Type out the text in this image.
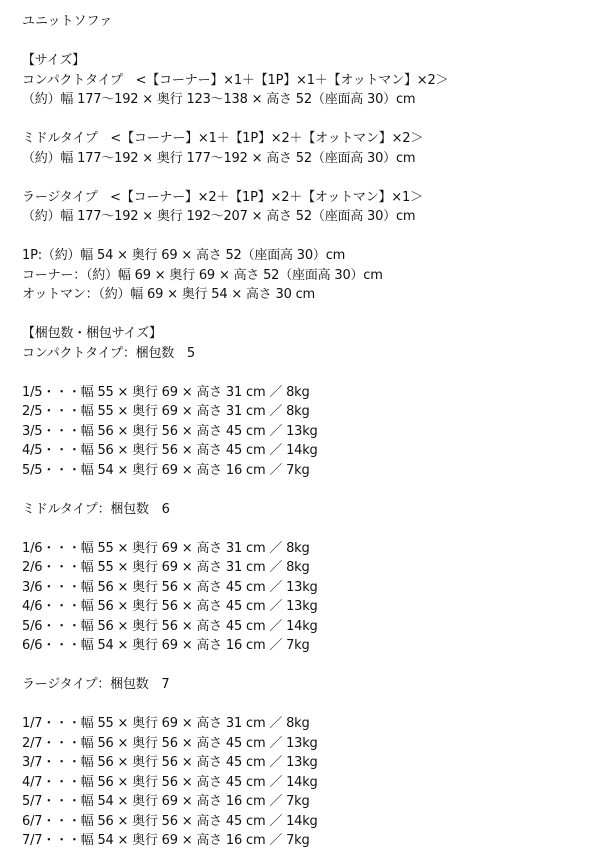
ユニットソファ
【サイズ】
コンパクトタイプ　<【コーナー】×1＋【1P】×1＋【オットマン】×2＞
（約）幅 177〜192 × 奥行 123〜138 × 高さ 52（座面高 30）cm
ミドルタイプ　<【コーナー】×1＋【1P】×2＋【オットマン】×2＞
（約）幅 177〜192 × 奥行 177〜192 × 高さ 52（座面高 30）cm
ラージタイプ　<【コーナー】×2＋【1P】×2＋【オットマン】×1＞
（約）幅 177〜192 × 奥行 192〜207 × 高さ 52（座面高 30）cm
1P:（約）幅 54 × 奥行 69 × 高さ 52（座面高 30）cm
コーナー：（約）幅 69 × 奥行 69 × 高さ 52（座面高 30）cm
オットマン：（約）幅 69 × 奥行 54 × 高さ 30 cm
【梱包数・梱包サイズ】
コンパクトタイプ：梱包数　5
1/5・・・幅 55 × 奥行 69 × 高さ 31 cm ／ 8kg
2/5・・・幅 55 × 奥行 69 × 高さ 31 cm ／ 8kg
3/5・・・幅 56 × 奥行 56 × 高さ 45 cm ／ 13kg
4/5・・・幅 56 × 奥行 56 × 高さ 45 cm ／ 14kg
5/5・・・幅 54 × 奥行 69 × 高さ 16 cm ／ 7kg
ミドルタイプ：梱包数　6
1/6・・・幅 55 × 奥行 69 × 高さ 31 cm ／ 8kg
2/6・・・幅 55 × 奥行 69 × 高さ 31 cm ／ 8kg
3/6・・・幅 56 × 奥行 56 × 高さ 45 cm ／ 13kg
4/6・・・幅 56 × 奥行 56 × 高さ 45 cm ／ 13kg
5/6・・・幅 56 × 奥行 56 × 高さ 45 cm ／ 14kg
6/6・・・幅 54 × 奥行 69 × 高さ 16 cm ／ 7kg
ラージタイプ：梱包数　7
1/7・・・幅 55 × 奥行 69 × 高さ 31 cm ／ 8kg
2/7・・・幅 56 × 奥行 56 × 高さ 45 cm ／ 13kg
3/7・・・幅 56 × 奥行 56 × 高さ 45 cm ／ 13kg
4/7・・・幅 56 × 奥行 56 × 高さ 45 cm ／ 14kg
5/7・・・幅 54 × 奥行 69 × 高さ 16 cm ／ 7kg
6/7・・・幅 56 × 奥行 56 × 高さ 45 cm ／ 14kg
7/7・・・幅 54 × 奥行 69 × 高さ 16 cm ／ 7kg
